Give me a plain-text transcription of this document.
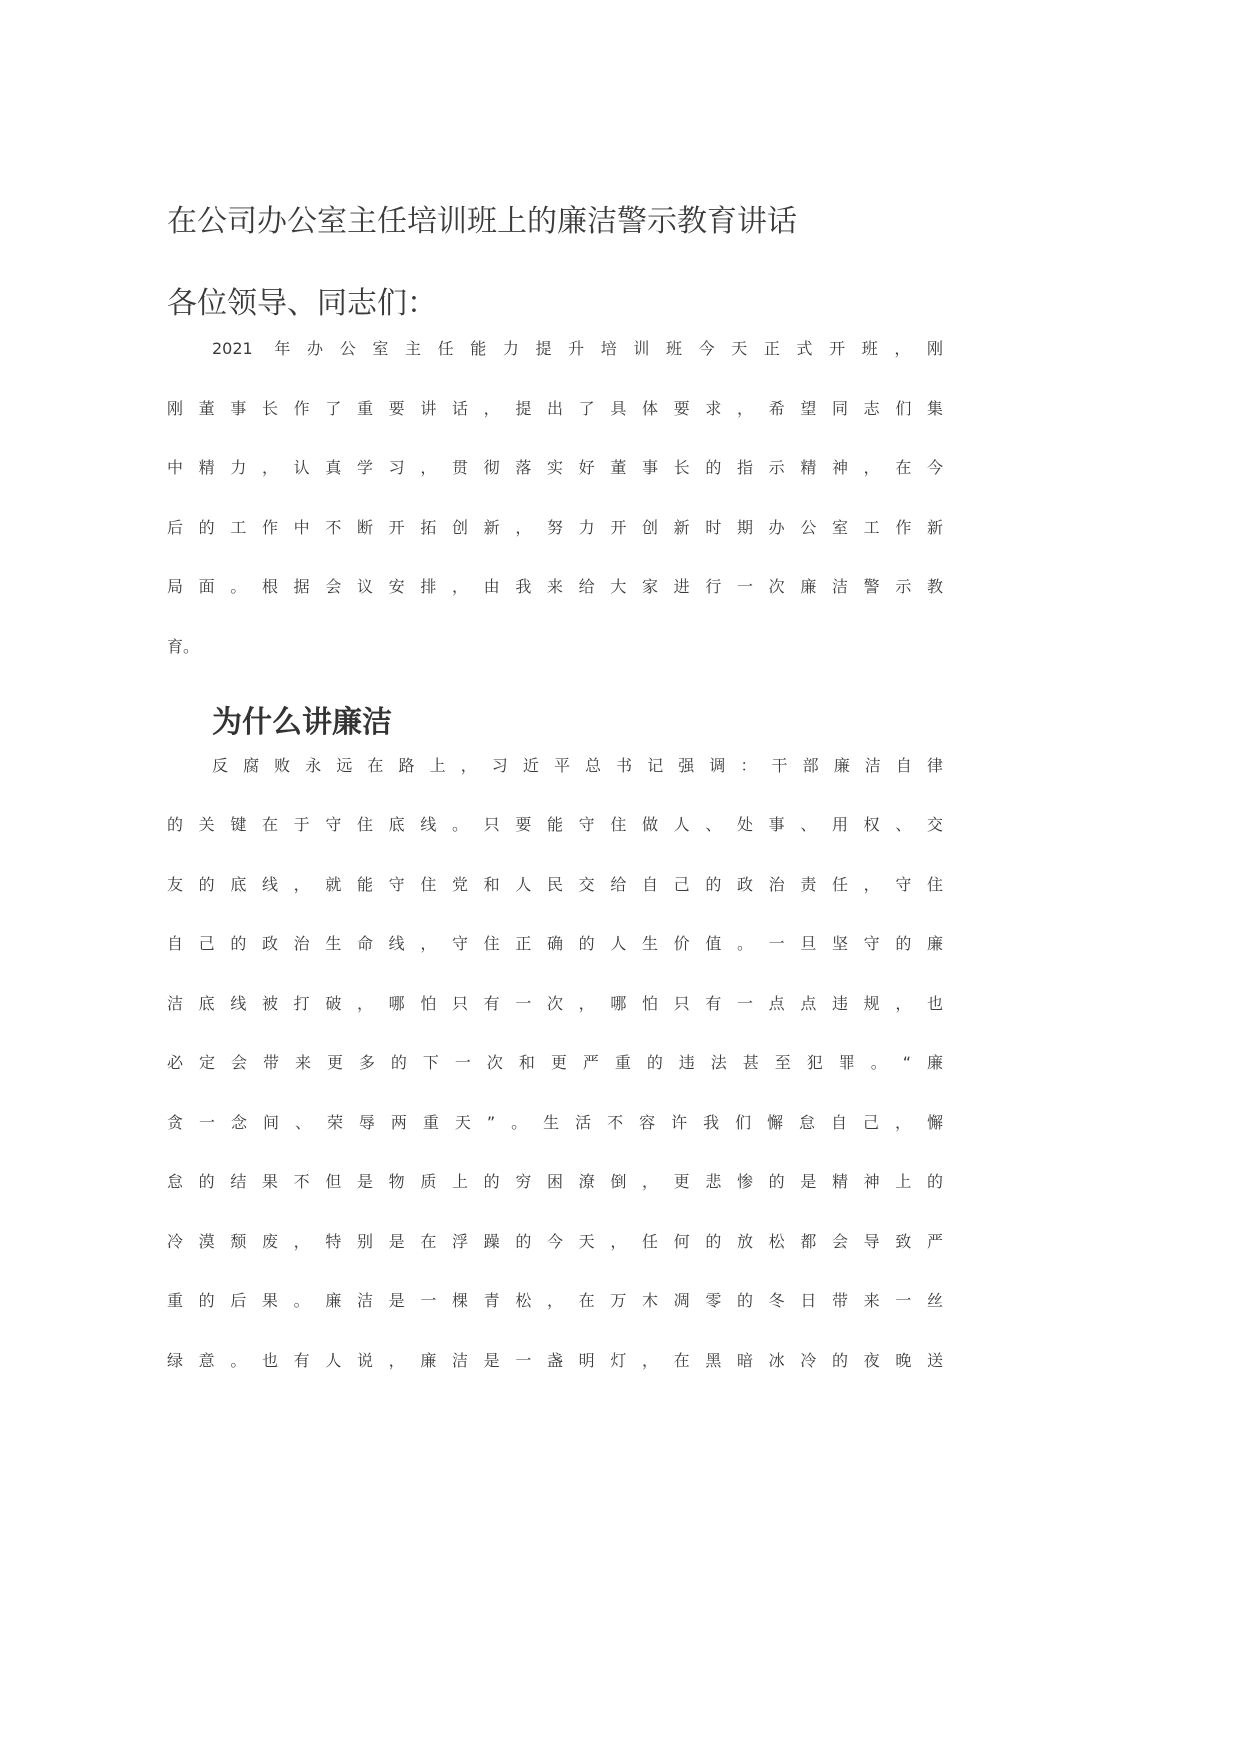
在公司办公室主任培训班上的廉洁警示教育讲话

各位领导、同志们：

2021 年办公室主任能力提升培训班今天正式开班，刚
刚董事长作了重要讲话，提出了具体要求，希望同志们集
中精力，认真学习，贯彻落实好董事长的指示精神，在今
后的工作中不断开拓创新，努力开创新时期办公室工作新
局面。根据会议安排，由我来给大家进行一次廉洁警示教
育。
为什么讲廉洁
反腐败永远在路上，习近平总书记强调：干部廉洁自律
的关键在于守住底线。只要能守住做人、处事、用权、交
友的底线，就能守住党和人民交给自己的政治责任，守住
自己的政治生命线，守住正确的人生价值。一旦坚守的廉
洁底线被打破，哪怕只有一次，哪怕只有一点点违规，也
必定会带来更多的下一次和更严重的违法甚至犯罪。“廉
贪一念间、荣辱两重天”。生活不容许我们懈怠自己，懈
怠的结果不但是物质上的穷困潦倒，更悲惨的是精神上的
冷漠颓废，特别是在浮躁的今天，任何的放松都会导致严
重的后果。廉洁是一棵青松，在万木凋零的冬日带来一丝
绿意。也有人说，廉洁是一盏明灯，在黑暗冰冷的夜晚送
